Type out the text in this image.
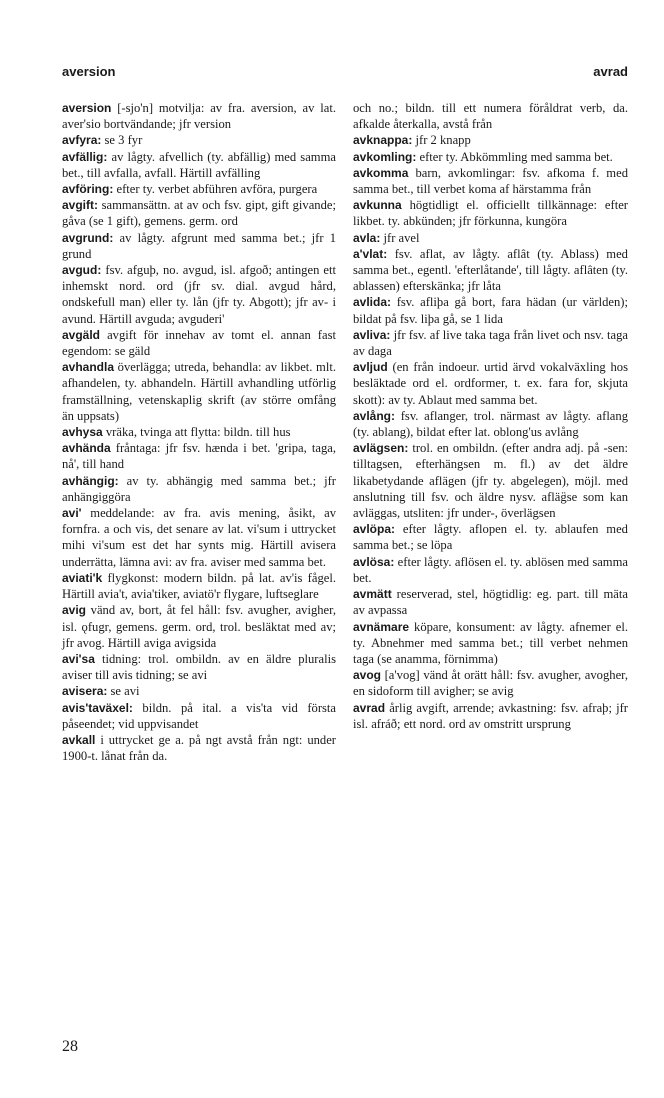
aversion	avrad

aversion [-sjo'n] motvilja: av fra. aversion, av lat. aver'sio bortvändande; jfr version

avfyra: se 3 fyr

avfällig: av lågty. afvellich (ty. abfällig) med samma bet., till avfalla, avfall. Härtill avfälling

avföring: efter ty. verbet abführen avföra, purgera

avgift: sammansättn. at av och fsv. gipt, gift givande; gåva (se 1 gift), gemens. germ. ord

avgrund: av lågty. afgrunt med samma bet.; jfr 1 grund

avgud: fsv. afguþ, no. avgud, isl. afgoð; antingen ett inhemskt nord. ord (jfr sv. dial. avgud hård, ondskefull man) eller ty. lån (jfr ty. Abgott); jfr av- i avund. Härtill avguda; avguderi'

avgäld avgift för innehav av tomt el. annan fast egendom: se gäld

avhandla överlägga; utreda, behandla: av likbet. mlt. afhandelen, ty. abhandeln. Härtill avhandling utförlig framställning, vetenskaplig skrift (av större omfång än uppsats)

avhysa vräka, tvinga att flytta: bildn. till hus

avhända fråntaga: jfr fsv. hænda i bet. 'gripa, taga, nå', till hand

avhängig: av ty. abhängig med samma bet.; jfr anhängiggöra

avi' meddelande: av fra. avis mening, åsikt, av fornfra. a och vis, det senare av lat. vi'sum i uttrycket mihi vi'sum est det har synts mig. Härtill avisera underrätta, lämna avi: av fra. aviser med samma bet.

aviati'k flygkonst: modern bildn. på lat. av'is fågel. Härtill avia't, avia'tiker, aviatö'r flygare, luftseglare

avig vänd av, bort, åt fel håll: fsv. avugher, avigher, isl. ǫfugr, gemens. germ. ord, trol. besläktat med av; jfr avog. Härtill aviga avigsida

avi'sa tidning: trol. ombildn. av en äldre pluralis aviser till avis tidning; se avi

avisera: se avi

avis'taväxel: bildn. på ital. a vis'ta vid första påseendet; vid uppvisandet

avkall i uttrycket ge a. på ngt avstå från ngt: under 1900-t. lånat från da.

och no.; bildn. till ett numera föråldrat verb, da. afkalde återkalla, avstå från

avknappa: jfr 2 knapp

avkomling: efter ty. Abkömmling med samma bet.

avkomma barn, avkomlingar: fsv. afkoma f. med samma bet., till verbet koma af härstamma från

avkunna högtidligt el. officiellt tillkännage: efter likbet. ty. abkünden; jfr förkunna, kungöra

avla: jfr avel

a'vlat: fsv. aflat, av lågty. aflât (ty. Ablass) med samma bet., egentl. 'efterlåtande', till lågty. aflâten (ty. ablassen) efterskänka; jfr låta

avlida: fsv. afliþa gå bort, fara hädan (ur världen); bildat på fsv. liþa gå, se 1 lida

avliva: jfr fsv. af live taka taga från livet och nsv. taga av daga

avljud (en från indoeur. urtid ärvd vokalväxling hos besläktade ord el. ordformer, t. ex. fara for, skjuta skott): av ty. Ablaut med samma bet.

avlång: fsv. aflanger, trol. närmast av lågty. aflang (ty. ablang), bildat efter lat. oblong'us avlång

avlägsen: trol. en ombildn. (efter andra adj. på -sen: tilltagsen, efterhängsen m. fl.) av det äldre likabetydande aflägen (jfr ty. abgelegen), möjl. med anslutning till fsv. och äldre nysv. afläg̈se som kan avläggas, utsliten: jfr under-, överlägsen

avlöpa: efter lågty. aflopen el. ty. ablaufen med samma bet.; se löpa

avlösa: efter lågty. aflösen el. ty. ablösen med samma bet.

avmätt reserverad, stel, högtidlig: eg. part. till mäta av avpassa

avnämare köpare, konsument: av lågty. afnemer el. ty. Abnehmer med samma bet.; till verbet nehmen taga (se anamma, förnimma)

avog [a'vog] vänd åt orätt håll: fsv. avugher, avogher, en sidoform till avigher; se avig

avrad årlig avgift, arrende; avkastning: fsv. afraþ; jfr isl. afráð; ett nord. ord av omstritt ursprung

28
